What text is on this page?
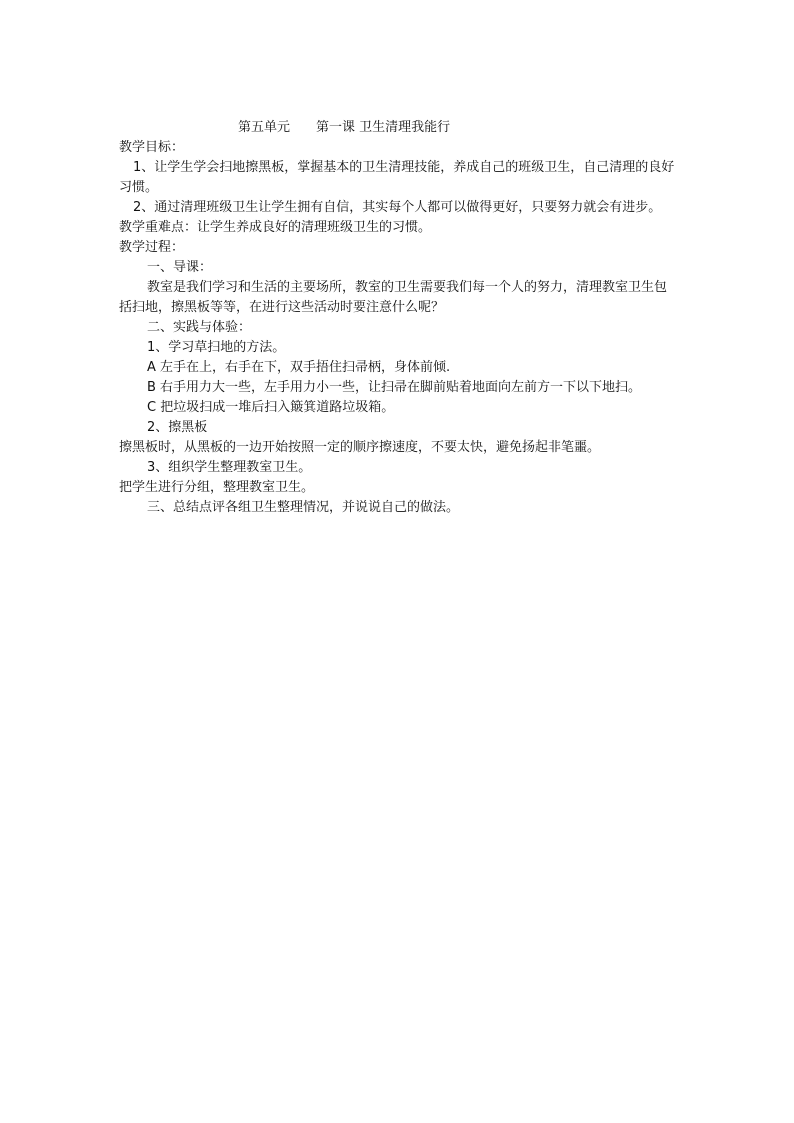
第五单元 第一课 卫生清理我能行

教学目标：

1、让学生学会扫地擦黑板，掌握基本的卫生清理技能，养成自己的班级卫生，自己清理的良好习惯。

2、通过清理班级卫生让学生拥有自信，其实每个人都可以做得更好，只要努力就会有进步。

教学重难点：让学生养成良好的清理班级卫生的习惯。

教学过程：

一、导课：

教室是我们学习和生活的主要场所，教室的卫生需要我们每一个人的努力，清理教室卫生包括扫地，擦黑板等等，在进行这些活动时要注意什么呢？

二、实践与体验：

1、学习草扫地的方法。

A 左手在上，右手在下，双手捂住扫帚柄，身体前倾.

B 右手用力大一些，左手用力小一些，让扫帚在脚前贴着地面向左前方一下以下地扫。

C 把垃圾扫成一堆后扫入簸箕道路垃圾箱。

2、擦黑板

擦黑板时，从黑板的一边开始按照一定的顺序擦速度，不要太快，避免扬起非笔噩。

3、组织学生整理教室卫生。

把学生进行分组，整理教室卫生。

三、总结点评各组卫生整理情况，并说说自己的做法。
